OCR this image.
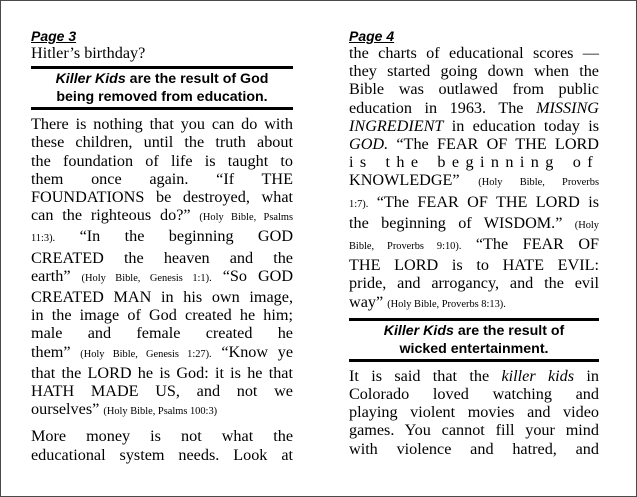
Page 3

Hitler’s birthday?
Killer Kids are the result of God
being removed from education.
There is nothing that you can do with
these children, until the truth about
the foundation of life is taught to
them once again. “If THE
FOUNDATIONS be destroyed, what
can the righteous do?” (Holy Bible, Psalms
11:3). “In the beginning GOD
CREATED the heaven and the
earth” (Holy Bible, Genesis 1:1). “So GOD
CREATED MAN in his own image,
in the image of God created he him;
male and female created he
them” (Holy Bible, Genesis 1:27). “Know ye
that the LORD he is God: it is he that
HATH MADE US, and not we
ourselves” (Holy Bible, Psalms 100:3)
More money is not what the
educational system needs. Look at

Page 4

the charts of educational scores —
they started going down when the
Bible was outlawed from public
education in 1963. The MISSING
INGREDIENT in education today is
GOD. “The FEAR OF THE LORD
is the beginning of
KNOWLEDGE” (Holy Bible, Proverbs
1:7). “The FEAR OF THE LORD is
the beginning of WISDOM.” (Holy
Bible, Proverbs 9:10). “The FEAR OF
THE LORD is to HATE EVIL:
pride, and arrogancy, and the evil
way” (Holy Bible, Proverbs 8:13).
Killer Kids are the result of
wicked entertainment.
It is said that the killer kids in
Colorado loved watching and
playing violent movies and video
games. You cannot fill your mind
with violence and hatred, and
